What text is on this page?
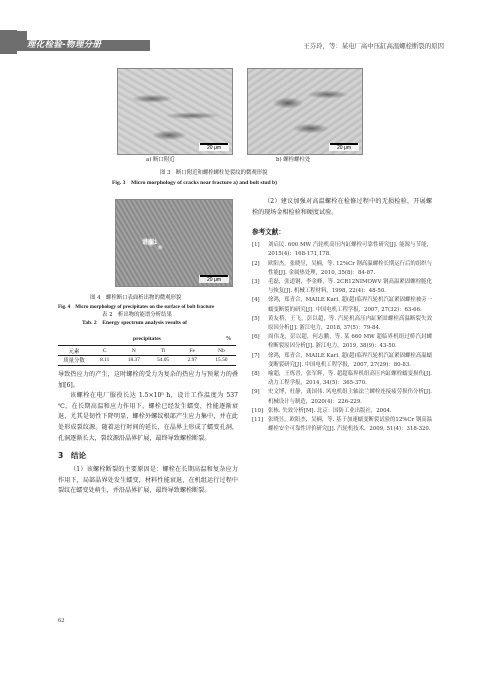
理化检验-物理分册	王芬玲，等：某电厂高中压缸高温螺栓断裂的原因
20 μm	20 μm
a) 断口附近	b) 螺栓螺柱处
图 3　断口附近和螺栓螺柱处裂纹的微观形貌
Fig. 3　Micro morphology of cracks near fracture a) and bolt stud b)
谱图1
20 μm
图 4　螺栓断口表面析出物的微观形貌
Fig. 4　Micro morphology of precipitates on the surface of bolt fracture
表 2　析出物的能谱分析结果
Tab. 2　Energy spectrum analysis results of
precipitates	%
元素	C	N	Ti	Fe	Nb
质量分数	8.11	18.37	54.05	2.97	15.50

导致热应力的产生，这时螺栓的受力为复杂的热应力与预紧力的叠加[6]。

该螺栓在电厂服役长达 1.5×10⁵ h，设计工作温度为 537 ℃，在长期高温和应力作用下，螺栓已经发生蠕变，性能逐渐衰退，尤其是韧性下降明显，螺栓外螺纹根部产生应力集中，并在此处形成裂纹源。随着运行时间的延长，在晶界上形成了蠕变孔洞，孔洞逐渐长大，裂纹源沿晶界扩展，最终导致螺栓断裂。

3　结论

（1）该螺栓断裂的主要原因是：螺栓在长期高温和复杂应力作用下，局部晶界处发生蠕变，材料性能衰退，在机组运行过程中裂纹在蠕变处萌生，并沿晶界扩展，最终导致螺栓断裂。

（2）建议加强对高温螺栓在检修过程中的无损检验，开展螺栓的现场金相检验和硬度试验。

参考文献：

[1]	刘启民. 600 MW 汽轮机高压内缸螺栓可靠性研究[J]. 能源与节能，2015(4)：168-171,178.
[2]	欧阳杰，张晓昱，吴楠，等. 12%Cr 钢高温螺栓长期运行后的组织与性能[J]. 金属热处理，2010, 35(8)：84-87.
[3]	毛磊，张道钢，李金峰，等. 2CR12NIMOWV 钢高温紧固螺栓脆化与恢复[J]. 机械工程材料，1998, 22(4)：48-50.
[4]	徐鸿，郑青合，MAILE Karl. 超(超)临界汽轮机汽缸紧固螺栓被旁一蠕变断裂的研究[J]. 中国电机工程学报，2007, 27(32)：63-66.
[5]	黄友桥，王飞，彭以超，等. 汽轮机高压内缸紧固螺栓高温断裂失效原因分析[J]. 浙江电力，2018, 37(5)：79-84.
[6]	周伟龙，彭以超，何志鹏，等. 某 660 MW 超临界机组过桥汽封螺栓断裂原因分析[J]. 浙江电力，2019, 38(9)：43-50.
[7]	徐鸿，郑青合，MAILE Karl. 超(超)临界汽轮机汽缸紧固螺栓高温蠕变断裂研究[J]. 中国电机工程学报，2007, 27(29)：80-83.
[8]	喻超，王炼晋，张军辉，等. 超超临界机组高压内缸螺栓蠕变损伤[J]. 动力工程学报，2014, 34(5)：365-370.
[9]	史文博，杜静，龚国伟. 风电机组主轴法兰螺栓连接疲劳损伤分析[J]. 机械设计与制造，2020(4)：226-229.
[10] 张栋. 失效分析[M]. 北京：国防工业出版社，2004.
[11] 张晓昱，欧阳杰，吴楠，等. 基于加速蠕变断裂试验的12%Cr 钢高温螺栓安全可靠性评价研究[J]. 汽轮机技术，2009, 51(4)：318-320.
62
